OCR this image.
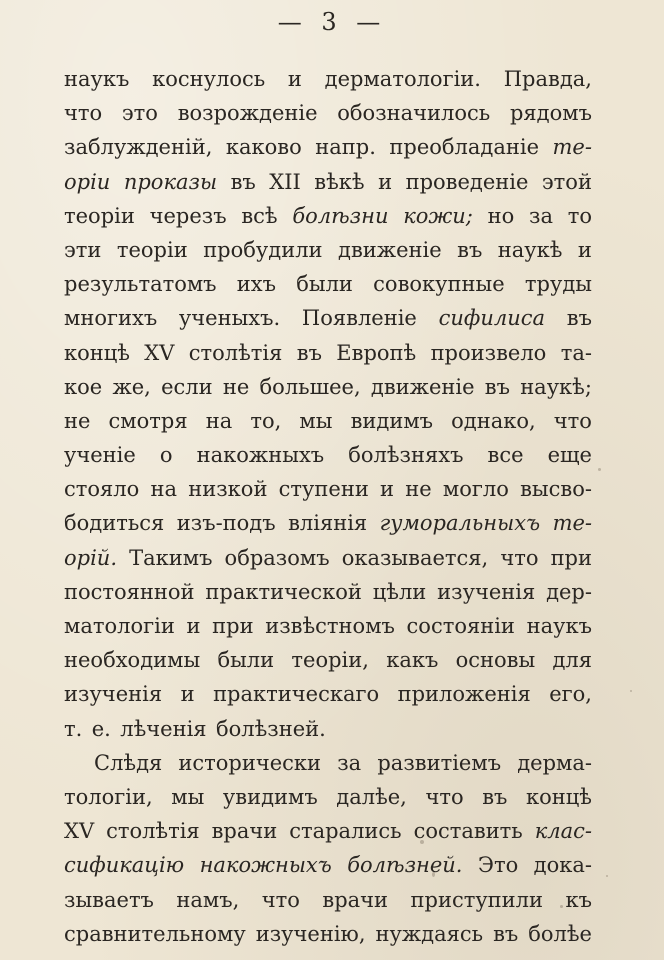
— 3 —
наукъ коснулось и дерматологіи. Правда,
что это возрожденіе обозначилось рядомъ
заблужденій, каково напр. преобладаніе те-
оріи проказы въ XII вѣкѣ и проведеніе этой
теоріи черезъ всѣ болѣзни кожи; но за то
эти теоріи пробудили движеніе въ наукѣ и
результатомъ ихъ были совокупные труды
многихъ ученыхъ. Появленіе сифилиса въ
концѣ XV столѣтія въ Европѣ произвело та-
кое же, если не большее, движеніе въ наукѣ;
не смотря на то, мы видимъ однако, что
ученіе о накожныхъ болѣзняхъ все еще
стояло на низкой ступени и не могло высво-
бодиться изъ-подъ вліянія гуморальныхъ те-
орій. Такимъ образомъ оказывается, что при
постоянной практической цѣли изученія дер-
матологіи и при извѣстномъ состояніи наукъ
необходимы были теоріи, какъ основы для
изученія и практическаго приложенія его,
т. е. лѣченія болѣзней.
Слѣдя исторически за развитіемъ дерма-
тологіи, мы увидимъ далѣе, что въ концѣ
XV столѣтія врачи старались составить клас-
сификацію накожныхъ болѣзней. Это дока-
зываетъ намъ, что врачи приступили къ
сравнительному изученію, нуждаясь въ болѣе
